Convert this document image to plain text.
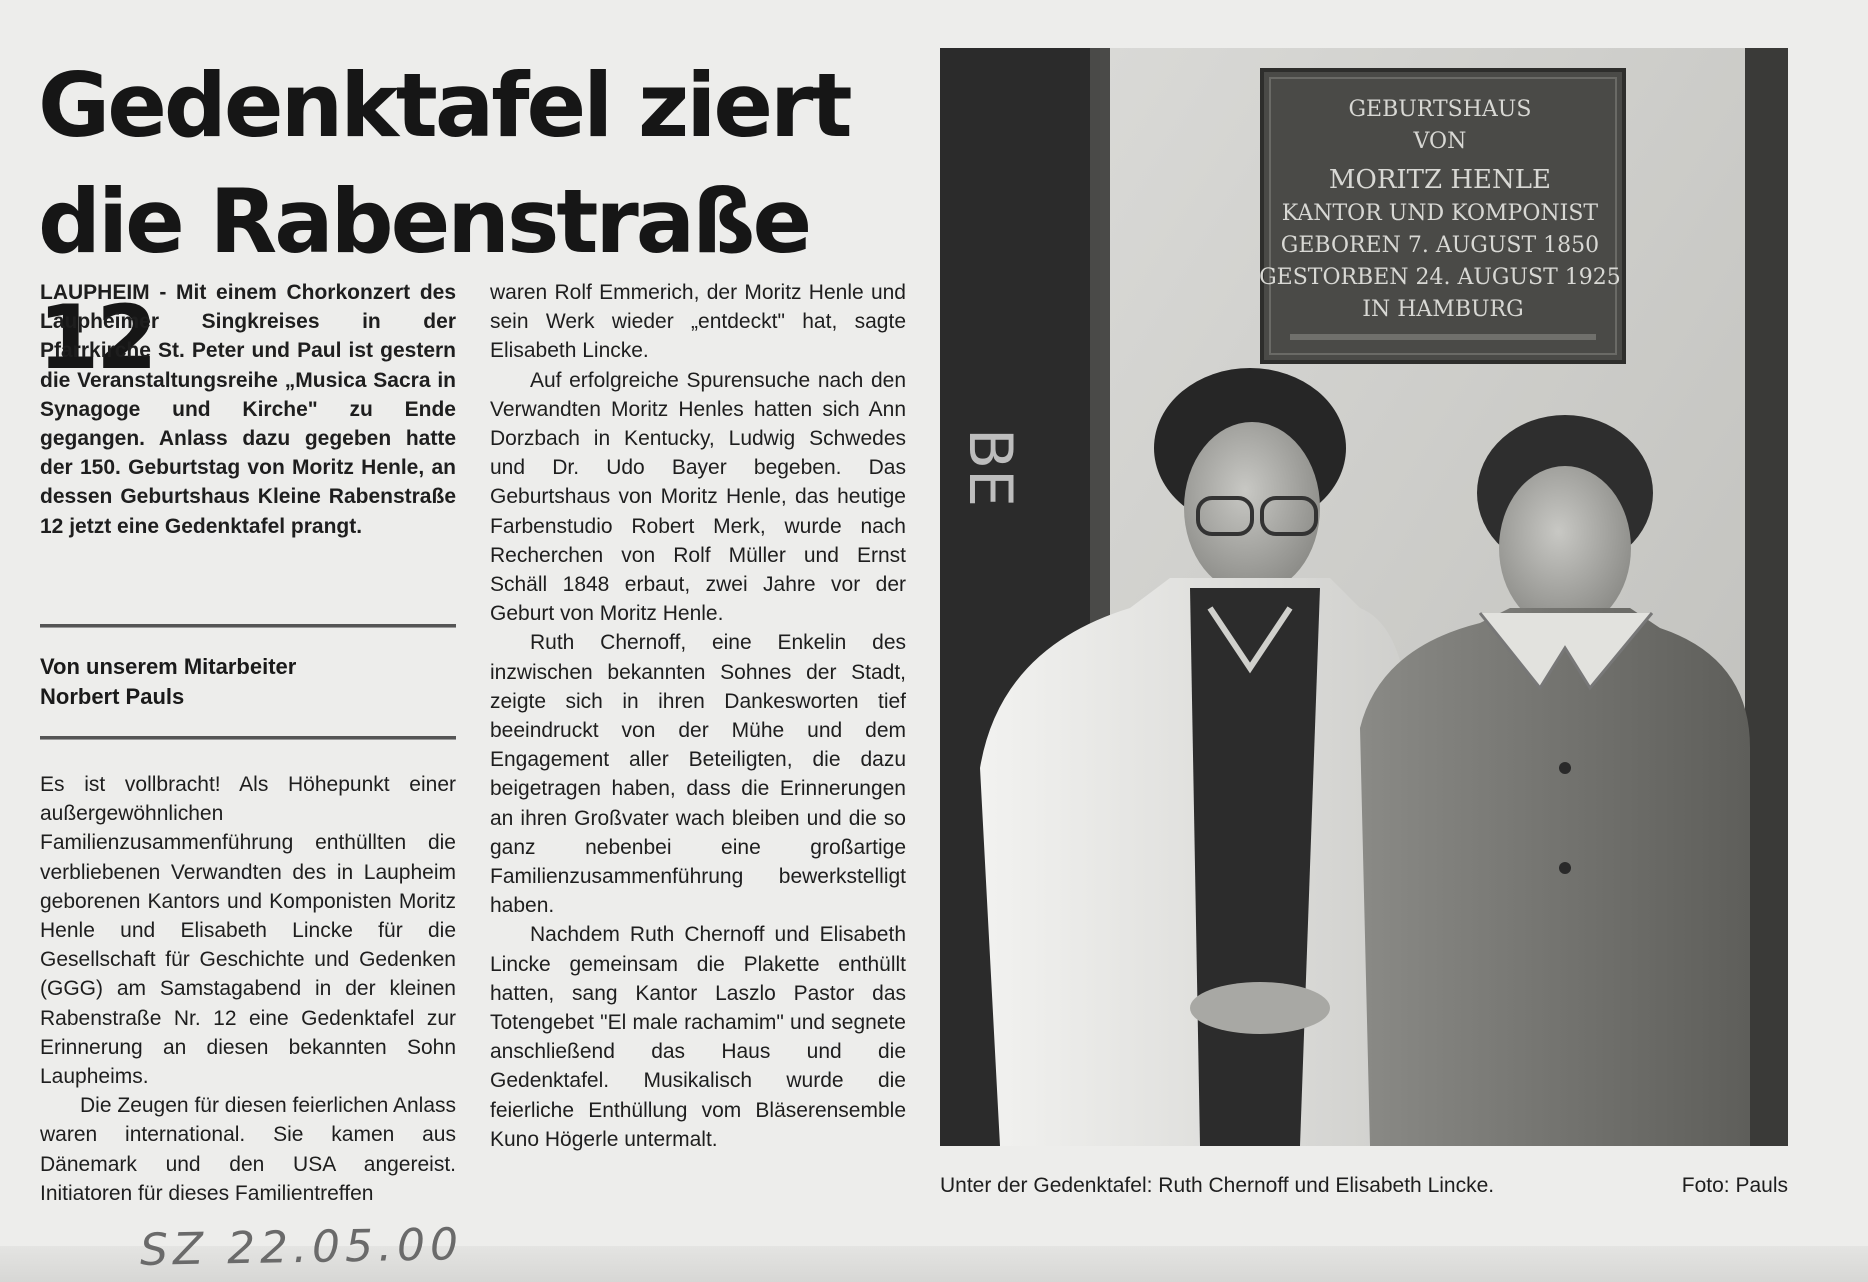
Gedenktafel ziert
die Rabenstraße 12

LAUPHEIM - Mit einem Chorkonzert des Laupheimer Singkreises in der Pfarrkirche St. Peter und Paul ist gestern die Veranstaltungsreihe „Musica Sacra in Synagoge und Kirche" zu Ende gegangen. Anlass dazu gegeben hatte der 150. Geburtstag von Moritz Henle, an dessen Geburtshaus Kleine Rabenstraße 12 jetzt eine Gedenktafel prangt.

Von unserem Mitarbeiter
Norbert Pauls

Es ist vollbracht! Als Höhepunkt einer außergewöhnlichen Familienzusammenführung enthüllten die verbliebenen Verwandten des in Laupheim geborenen Kantors und Komponisten Moritz Henle und Elisabeth Lincke für die Gesellschaft für Geschichte und Gedenken (GGG) am Samstagabend in der kleinen Rabenstraße Nr. 12 eine Gedenktafel zur Erinnerung an diesen bekannten Sohn Laupheims.

Die Zeugen für diesen feierlichen Anlass waren international. Sie kamen aus Dänemark und den USA angereist. Initiatoren für dieses Familientreffen

waren Rolf Emmerich, der Moritz Henle und sein Werk wieder „entdeckt" hat, sagte Elisabeth Lincke.

Auf erfolgreiche Spurensuche nach den Verwandten Moritz Henles hatten sich Ann Dorzbach in Kentucky, Ludwig Schwedes und Dr. Udo Bayer begeben. Das Geburtshaus von Moritz Henle, das heutige Farbenstudio Robert Merk, wurde nach Recherchen von Rolf Müller und Ernst Schäll 1848 erbaut, zwei Jahre vor der Geburt von Moritz Henle.

Ruth Chernoff, eine Enkelin des inzwischen bekannten Sohnes der Stadt, zeigte sich in ihren Dankesworten tief beeindruckt von der Mühe und dem Engagement aller Beteiligten, die dazu beigetragen haben, dass die Erinnerungen an ihren Großvater wach bleiben und die so ganz nebenbei eine großartige Familienzusammenführung bewerkstelligt haben.

Nachdem Ruth Chernoff und Elisabeth Lincke gemeinsam die Plakette enthüllt hatten, sang Kantor Laszlo Pastor das Totengebet "El male rachamim" und segnete anschließend das Haus und die Gedenktafel. Musikalisch wurde die feierliche Enthüllung vom Bläserensemble Kuno Högerle untermalt.

BE
GEBURTSHAUS VON MORITZ HENLE KANTOR UND KOMPONIST GEBOREN 7. AUGUST 1850 GESTORBEN 24. AUGUST 1925 IN HAMBURG
Unter der Gedenktafel: Ruth Chernoff und Elisabeth Lincke.	Foto: Pauls
SZ 22.05.00
